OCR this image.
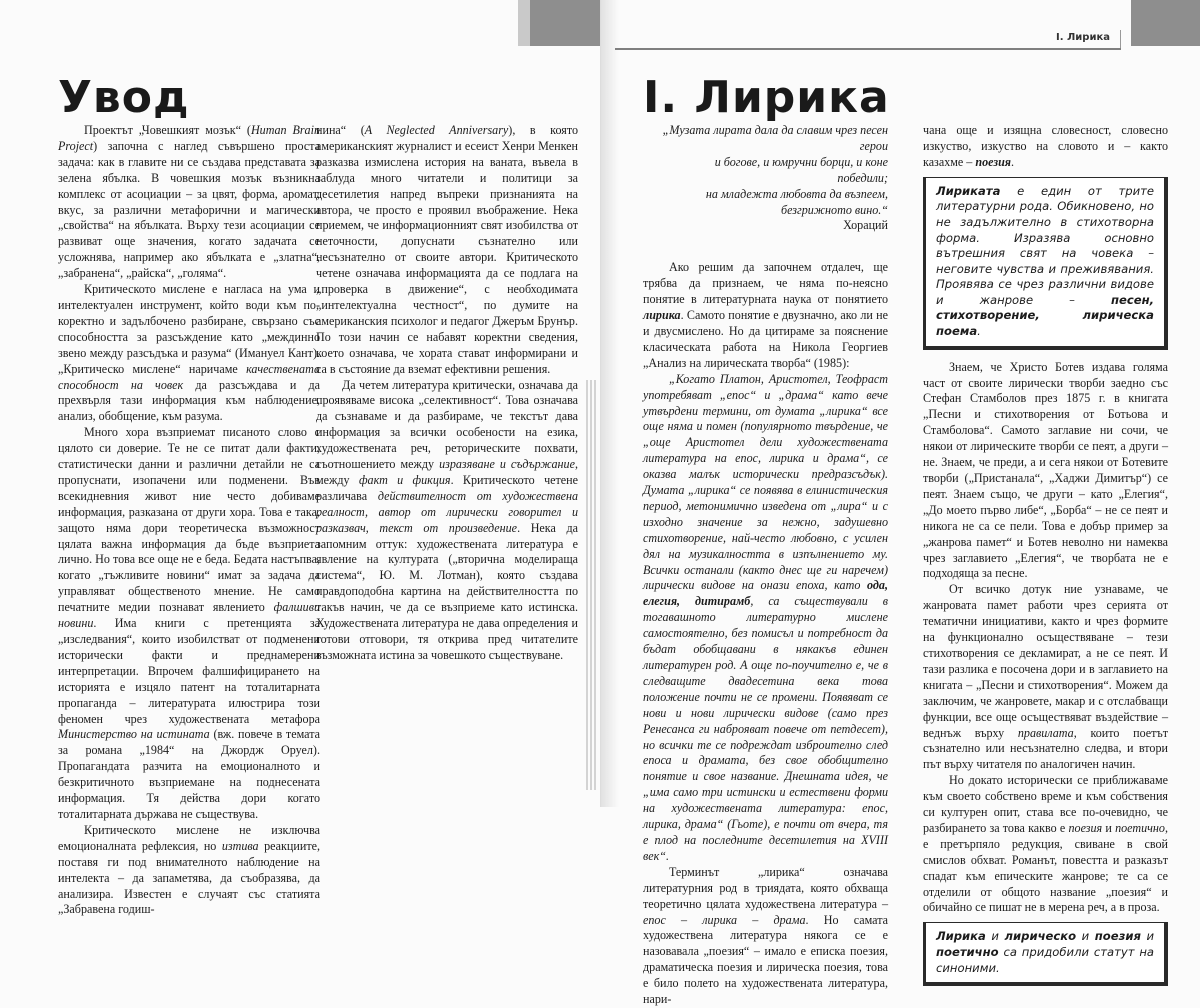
Увод

Проектът „Човешкият мозък“ (Human Brain Project) започна с наглед съвършено проста задача: как в главите ни се създава представата за зелена ябълка. В човешкия мозък възникна комплекс от асоциации – за цвят, форма, аромат, вкус, за различни метафорични и магически „свойства“ на ябълката. Върху тези асоциации се развиват още значения, когато задачата се усложнява, например ако ябълката е „златна“, „забранена“, „райска“, „голяма“.

Критическото мислене е нагласа на ума и интелектуален инструмент, който води към по-коректно и задълбочено разбиране, свързано със способността за разсъждение като „междинно звено между разсъдъка и разума“ (Имануел Кант). „Критическо мислене“ наричаме качествената способност на човек да разсъждава и да прехвърля тази информация към наблюдение, анализ, обобщение, към разума.

Много хора възприемат писаното слово с цялото си доверие. Те не се питат дали факти, статистически данни и различни детайли не са пропуснати, изопачени или подменени. Във всекидневния живот ние често добиваме информация, разказана от други хора. Това е така, защото няма дори теоретическа възможност цялата важна информация да бъде възприета лично. Но това все още не е беда. Бедата настъпва, когато „тъжливите новини“ имат за задача да управляват общественото мнение. Не само печатните медии познават явлението фалшиви новини. Има книги с претенцията за „изследвания“, които изобилстват от подменени исторически факти и преднамерени интерпретации. Впрочем фалшифицирането на историята е изцяло патент на тоталитарната пропаганда – литературата илюстрира този феномен чрез художествената метафора Министерство на истината (вж. повече в темата за романа „1984“ на Джордж Оруел). Пропагандата разчита на емоционалното и безкритичното възприемане на поднесената информация. Тя действа дори когато тоталитарната държава не съществува.

Критическото мислене не изключва емоционалната рефлексия, но изтива реакциите, поставя ги под внимателното наблюдение на интелекта – да запаметява, да съобразява, да анализира. Известен е случаят със статията „Забравена годиш-

нина“ (A Neglected Anniversary), в която американският журналист и есеист Хенри Менкен разказва измислена история на ваната, въвела в заблуда много читатели и политици за десетилетия напред въпреки признанията на автора, че просто е проявил въображение. Нека приемем, че информационният свят изобилства от неточности, допуснати съзнателно или несъзнателно от своите автори. Критическото четене означава информацията да се подлага на „проверка в движение“, с необходимата „интелектуална честност“, по думите на американския психолог и педагог Джеръм Брунър. По този начин се набавят коректни сведения, което означава, че хората стават информирани и са в състояние да вземат ефективни решения.

Да четем литература критически, означава да проявяваме висока „селективност“. Това означава да съзнаваме и да разбираме, че текстът дава информация за всички особености на езика, художествената реч, реторическите похвати, съотношението между изразяване и съдържание, между факт и фикция. Критическото четене различава действителност от художествена реалност, автор от лирически говорител и разказвач, текст от произведение. Нека да запомним оттук: художествената литература е явление на културата („вторична моделираща система“, Ю. М. Лотман), която създава правдоподобна картина на действителността по такъв начин, че да се възприеме като истинска. Художествената литература не дава определения и готови отговори, тя открива пред читателите възможната истина за човешкото съществуване.

I. Лирика
I. Лирика
„Музата лирата дала да славим чрез песен
герои
и богове, и юмручни борци, и коне
победили;
на младежта любовта да възпеем,
безгрижното вино.“
Хораций

Ако решим да започнем отдалеч, ще трябва да признаем, че няма по-неясно понятие в литературната наука от понятието лирика. Самото понятие е двузначно, ако ли не и двусмислено. Но да цитираме за пояснение класическата работа на Никола Георгиев „Анализ на лирическата творба“ (1985):

„Когато Платон, Аристотел, Теофраст употребяват „епос“ и „драма“ като вече утвърдени термини, от думата „лирика“ все още няма и помен (популярното твърдение, че „още Аристотел дели художествената литература на епос, лирика и драма“, се оказва малък исторически предразсъдък). Думата „лирика“ се появява в елинистическия период, метонимично изведена от „лира“ и с изходно значение за нежно, задушевно стихотворение, най-често любовно, с усилен дял на музикалността в изпълнението му. Всички останали (както днес ще ги наречем) лирически видове на онази епоха, като ода, елегия, дитирамб, са съществували в тогавашното литературно мислене самостоятелно, без помисъл и потребност да бъдат обобщавани в някакъв единен литературен род. А още по-поучително е, че в следващите двадесетина века това положение почти не се промени. Появяват се нови и нови лирически видове (само през Ренесанса ги наброяват повече от петдесет), но всички те се подреждат изброително след епоса и драмата, без свое обобщително понятие и свое название. Днешната идея, че „има само три истински и естествени форми на художествената литература: епос, лирика, драма“ (Гьоте), е почти от вчера, тя е плод на последните десетилетия на XVIII век“.

Терминът „лирика“ означава литературния род в триядата, която обхваща теоретично цялата художествена литература – епос – лирика – драма. Но самата художествена литература някога се е назовавала „поезия“ – имало е еписка поезия, драматическа поезия и лирическа поезия, това е било полето на художествената литература, нари-

чана още и изящна словесност, словесно изкуство, изкуство на словото и – както казахме – поезия.

Лириката е един от трите литературни рода. Обикновено, но не задължително в стихотворна форма. Изразява основно вътрешния свят на човека – неговите чувства и преживявания. Проявява се чрез различни видове и жанрове – песен, стихотворение, лирическа поема.

Знаем, че Христо Ботев издава голяма част от своите лирически творби заедно със Стефан Стамболов през 1875 г. в книгата „Песни и стихотворения от Ботьова и Стамболова“. Самото заглавие ни сочи, че някои от лирическите творби се пеят, а други – не. Знаем, че преди, а и сега някои от Ботевите творби („Пристанала“, „Хаджи Димитър“) се пеят. Знаем също, че други – като „Елегия“, „До моето първо либе“, „Борба“ – не се пеят и никога не са се пели. Това е добър пример за „жанрова памет“ и Ботев неволно ни намеква чрез заглавието „Елегия“, че творбата не е подходяща за песне.

От всичко дотук ние узнаваме, че жанровата памет работи чрез серията от тематични инициативи, както и чрез формите на функционално осъществяване – тези стихотворения се декламират, а не се пеят. И тази разлика е посочена дори и в заглавието на книгата – „Песни и стихотворения“. Можем да заключим, че жанровете, макар и с отслабващи функции, все още осъществяват въздействие – веднъж върху правилата, които поетът съзнателно или несъзнателно следва, и втори път върху читателя по аналогичен начин.

Но докато исторически се приближаваме към своето собствено време и към собствения си културен опит, става все по-очевидно, че разбирането за това какво е поезия и поетично, е претърпяло редукция, свиване в свой смислов обхват. Романът, повестта и разказът спадат към епическите жанрове; те са се отделили от общото название „поезия“ и обичайно се пишат не в мерена реч, а в проза.

Лирика и лирическо и поезия и поетично са придобили статут на синоними.
